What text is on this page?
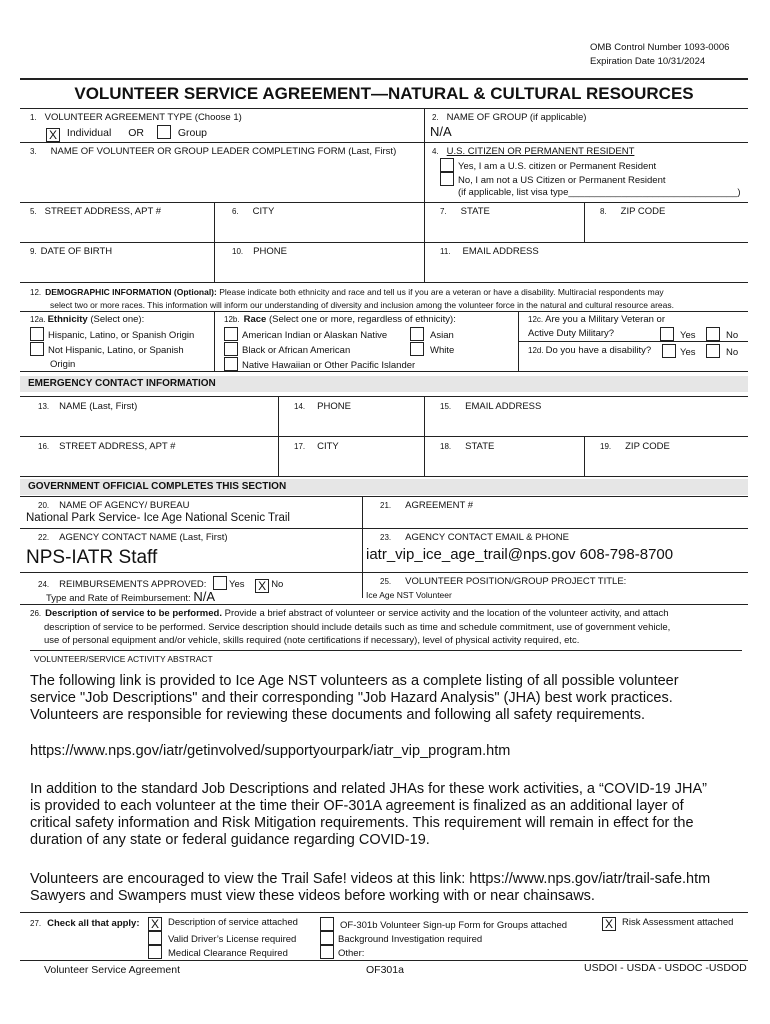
OMB Control Number 1093-0006
Expiration Date 10/31/2024
VOLUNTEER SERVICE AGREEMENT—NATURAL & CULTURAL RESOURCES
1. VOLUNTEER AGREEMENT TYPE (Choose 1)
X Individual OR	Group
2. NAME OF GROUP (if applicable)
N/A
3. NAME OF VOLUNTEER OR GROUP LEADER COMPLETING FORM (Last, First)	4. U.S. CITIZEN OR PERMANENT RESIDENT
Yes, I am a U.S. citizen or Permanent Resident
No, I am not a US Citizen or Permanent Resident
(if applicable, list visa type________________________________)
5. STREET ADDRESS, APT #	6. CITY	7. STATE	8. ZIP CODE
9. DATE OF BIRTH	10. PHONE	11. EMAIL ADDRESS
12. DEMOGRAPHIC INFORMATION (Optional): Please indicate both ethnicity and race and tell us if you are a veteran or have a disability. Multiracial respondents may
select two or more races. This information will inform our understanding of diversity and inclusion among the volunteer force in the natural and cultural resource areas.
12a. Ethnicity (Select one):
Hispanic, Latino, or Spanish Origin
Not Hispanic, Latino, or Spanish
Origin
12b. Race (Select one or more, regardless of ethnicity):
American Indian or Alaskan Native	Asian
Black or African American	White
Native Hawaiian or Other Pacific Islander
12c. Are you a Military Veteran or
Active Duty Military?	Yes	No
12d. Do you have a disability?	Yes	No
EMERGENCY CONTACT INFORMATION
13. NAME (Last, First)	14. PHONE	15. EMAIL ADDRESS
16. STREET ADDRESS, APT #	17. CITY	18. STATE	19. ZIP CODE
GOVERNMENT OFFICIAL COMPLETES THIS SECTION
20. NAME OF AGENCY/ BUREAU
National Park Service- Ice Age National Scenic Trail
21. AGREEMENT #
22. AGENCY CONTACT NAME (Last, First)
NPS-IATR Staff
23. AGENCY CONTACT EMAIL & PHONE
iatr_vip_ice_age_trail@nps.gov 608-798-8700
24. REIMBURSEMENTS APPROVED: Yes X No
Type and Rate of Reimbursement: N/A
25. VOLUNTEER POSITION/GROUP PROJECT TITLE:
Ice Age NST Volunteer
26. Description of service to be performed. Provide a brief abstract of volunteer or service activity and the location of the volunteer activity, and attach
description of service to be performed. Service description should include details such as time and schedule commitment, use of government vehicle,
use of personal equipment and/or vehicle, skills required (note certifications if necessary), level of physical activity required, etc.
VOLUNTEER/SERVICE ACTIVITY ABSTRACT
The following link is provided to Ice Age NST volunteers as a complete listing of all possible volunteer
service "Job Descriptions" and their corresponding "Job Hazard Analysis" (JHA) best work practices.
Volunteers are responsible for reviewing these documents and following all safety requirements.
https://www.nps.gov/iatr/getinvolved/supportyourpark/iatr_vip_program.htm
In addition to the standard Job Descriptions and related JHAs for these work activities, a “COVID-19 JHA”
is provided to each volunteer at the time their OF-301A agreement is finalized as an additional layer of
critical safety information and Risk Mitigation requirements. This requirement will remain in effect for the
duration of any state or federal guidance regarding COVID-19.
Volunteers are encouraged to view the Trail Safe! videos at this link: https://www.nps.gov/iatr/trail-safe.htm
Sawyers and Swampers must view these videos before working with or near chainsaws.
27. Check all that apply: X Description of service attached
Valid Driver’s License required
Medical Clearance Required
OF-301b Volunteer Sign-up Form for Groups attached
Background Investigation required
Other:
X Risk Assessment attached
Volunteer Service Agreement	OF301a	USDOI - USDA - USDOC -USDOD
